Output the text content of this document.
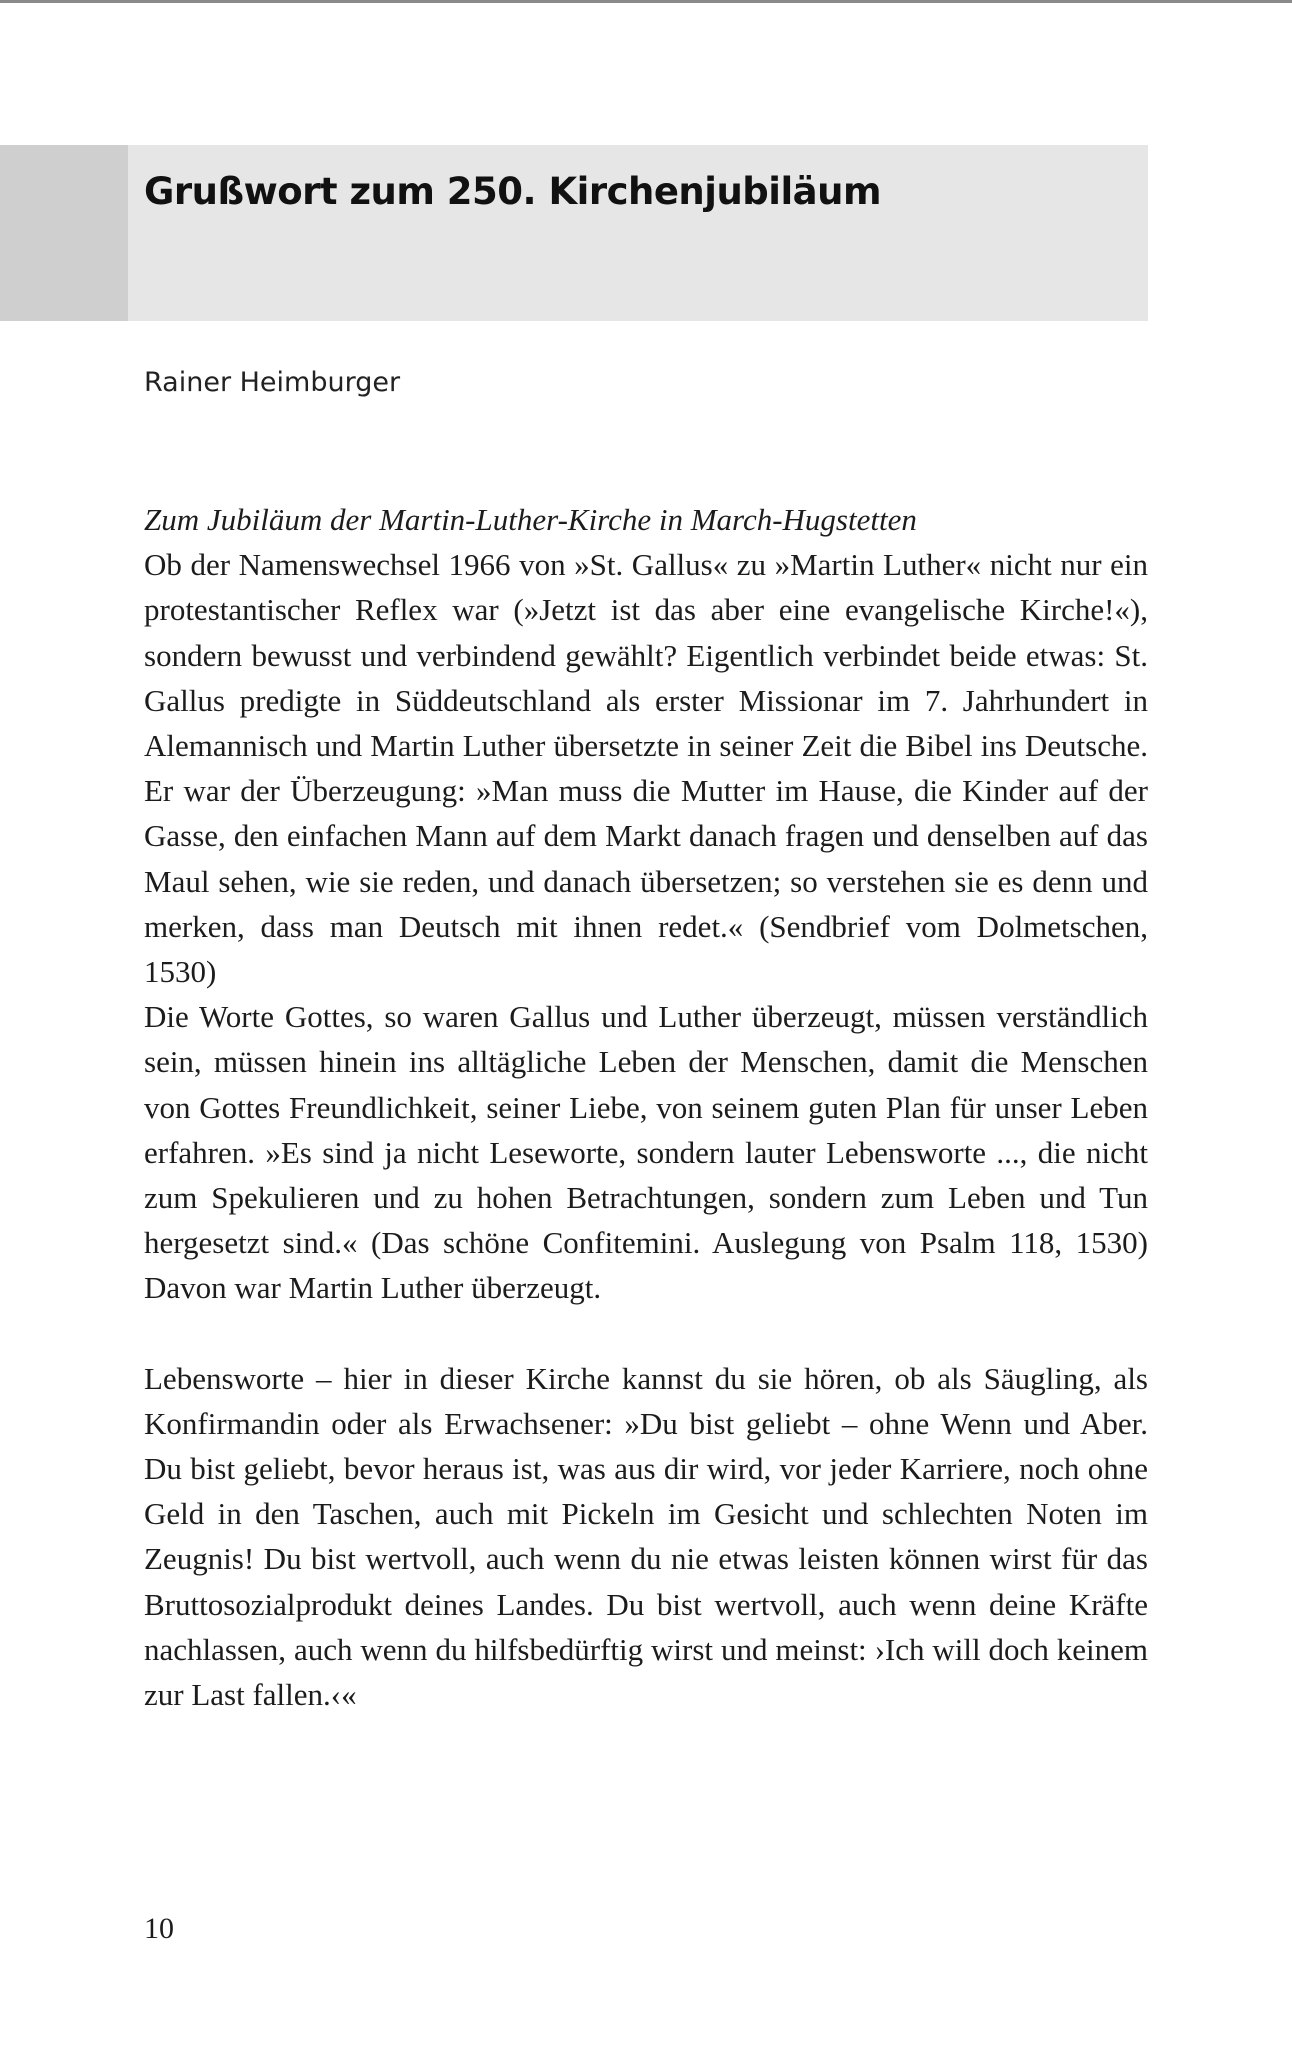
Grußwort zum 250. Kirchenjubiläum

Rainer Heimburger

Zum Jubiläum der Martin-Luther-Kirche in March-Hugstetten

Ob der Namenswechsel 1966 von »St. Gallus« zu »Martin Luther« nicht nur ein protestantischer Reflex war (»Jetzt ist das aber eine evangelische Kirche!«), sondern bewusst und verbindend gewählt? Eigentlich verbindet beide etwas: St. Gallus predigte in Süddeutschland als erster Missionar im 7. Jahrhundert in Alemannisch und Martin Luther übersetzte in seiner Zeit die Bibel ins Deutsche. Er war der Überzeugung: »Man muss die Mutter im Hause, die Kinder auf der Gasse, den einfachen Mann auf dem Markt danach fragen und denselben auf das Maul sehen, wie sie reden, und danach übersetzen; so verstehen sie es denn und merken, dass man Deutsch mit ihnen redet.« (Sendbrief vom Dolmetschen, 1530)

Die Worte Gottes, so waren Gallus und Luther überzeugt, müssen verständlich sein, müssen hinein ins alltägliche Leben der Menschen, damit die Menschen von Gottes Freundlichkeit, seiner Liebe, von seinem guten Plan für unser Leben erfahren. »Es sind ja nicht Leseworte, sondern lauter Lebensworte ..., die nicht zum Spekulieren und zu hohen Betrachtungen, sondern zum Leben und Tun hergesetzt sind.« (Das schöne Confitemini. Auslegung von Psalm 118, 1530) Davon war Martin Luther überzeugt.

Lebensworte – hier in dieser Kirche kannst du sie hören, ob als Säugling, als Konfirmandin oder als Erwachsener: »Du bist geliebt – ohne Wenn und Aber. Du bist geliebt, bevor heraus ist, was aus dir wird, vor jeder Karriere, noch ohne Geld in den Taschen, auch mit Pickeln im Gesicht und schlechten Noten im Zeugnis! Du bist wertvoll, auch wenn du nie etwas leisten können wirst für das Bruttosozialprodukt deines Landes. Du bist wertvoll, auch wenn deine Kräfte nachlassen, auch wenn du hilfsbedürftig wirst und meinst: ›Ich will doch keinem zur Last fallen.‹«

10
